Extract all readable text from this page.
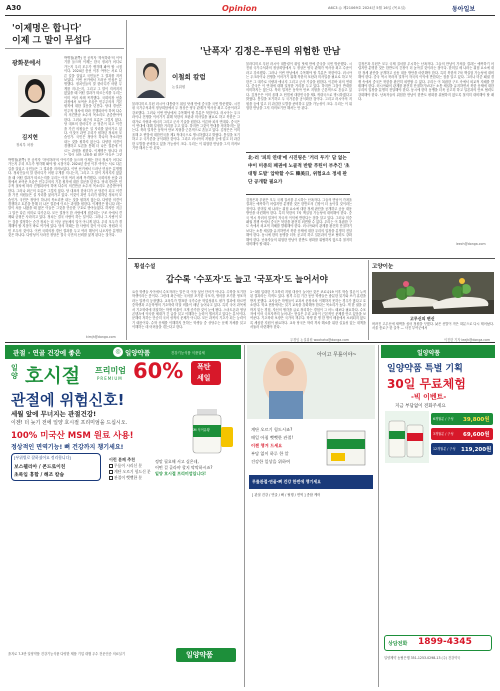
A30	Opinion	A6C3 ◎ 제21069호 2024년 5월 16일 (목요일)	동아일보
'이제명은 합니다'
이제 그 말이 무섭다
광화문에서
김지현
정치부 차장
박병철(왼쪽) 전 공직자 '착석하라'의 이야기를 들으며 이제는 한국 정치가 어디로 가는지 우리 모두가 생각해 봐야 할 시점이다. 2024년 총선 이후 여야는 서로 다른 길을 걸었고 국민들은 그 결과를 지켜보았다. 이번 선거에서 드러난 민심은 분명했다. 정치인들의 말 한마디가 어떤 무게를 지니는지, 그리고 그 말이 지켜지지 않았을 때 어떤 결과가 따르는지를 우리는 이미 여러 차례 목격했다. 국회의장 선출 과정에서 보여준 모습은 민주주의의 기본 원칙에 대한 질문을 던진다. 당내 경선은 민주적 절차에 따라 진행되어야 하며 다수의 의견만큼 소수의 목소리도 존중받아야 한다. 그러나 최근의 흐름은 그렇지 않다. 당 대표의 한마디가 곧 당론이 되고 이견을 가진 의원들은 설 자리를 잃어가고 있다. 이것이 과연 우리가 원하던 정치의 모습인가. 국민은 정당이 하나의 목소리만 내는 것을 원하지 않는다. 다양한 의견이 경쟁하고 토론을 통해 더 나은 결론에 이르는 과정을 원한다. 이제명은 합니다 라는 말이 처음 나왔을 때 많은 이들은 그것
박병철(왼쪽) 전 공직자 '착석하라'의 이야기를 들으며 이제는 한국 정치가 어디로 가는지 우리 모두가 생각해 봐야 할 시점이다. 2024년 총선 이후 여야는 서로 다른 길을 걸었고 국민들은 그 결과를 지켜보았다. 이번 선거에서 드러난 민심은 분명했다. 정치인들의 말 한마디가 어떤 무게를 지니는지, 그리고 그 말이 지켜지지 않았을 때 어떤 결과가 따르는지를 우리는 이미 여러 차례 목격했다. 국회의장 선출 과정에서 보여준 모습은 민주주의의 기본 원칙에 대한 질문을 던진다. 당내 경선은 민주적 절차에 따라 진행되어야 하며 다수의 의견만큼 소수의 목소리도 존중받아야 한다. 그러나 최근의 흐름은 그렇지 않다. 당 대표의 한마디가 곧 당론이 되고 이견을 가진 의원들은 설 자리를 잃어가고 있다. 이것이 과연 우리가 원하던 정치의 모습인가. 국민은 정당이 하나의 목소리만 내는 것을 원하지 않는다. 다양한 의견이 경쟁하고 토론을 통해 더 나은 결론에 이르는 과정을 원한다. 이제명은 합니다 라는 말이 처음 나왔을 때 많은 이들은 그것을 단순한 구호로 받아들였다. 하지만 지금 그 말은 다른 의미로 다가온다. 모든 결정이 한 사람에게 집중되는 구조 속에서 견제와 균형은 사라지고 있다. 정치는 결국 사람이 하는 일이다. 그러나 그 사람이 모든 것을 결정하는 순간 정치는 더 이상 공동체의 일이 아니게 된다. 우리 모두가 경계해야 할 지점이 바로 여기에 있다. 당의 미래는 한 사람의 것이 아니다. 당원과 국민 모두의 것이다. 이번 국회의장 경선 결과를 두고 여러 해석이 나오지만 분명한 것은 하나다. 다양성이 사라진 정당은 결국 국민의 신뢰를 잃게 된다는 것이다.
kimjh@donga.com
'난폭자' 김정은-푸틴의 위험한 만남
이철희 칼럼
논설위원
블라디미르 푸틴 러시아 대통령이 취임 닷새 만에 중국을 국빈 방문했다. 시진핑 국가주석과의 정상회담에서 두 정상은 양국 관계가 역사상 최고 수준이라고 강조했다. 그러나 이번 만남에서 주목해야 할 부분은 북한이다. 러시아는 우크라이나 전쟁을 이어가기 위해 북한의 포탄과 미사일을 필요로 하고 북한은 그 대가로 식량과 에너지 그리고 군사 기술을 원한다. 이른바 피의 연대다. 중국은 이 연대에 대해 일정한 거리를 두고 있다. 하지만 그것이 반대를 의미하지는 않는다. 북러 밀착은 동북아 안보 지형을 근본적으로 흔들고 있다. 김정은은 이미 올해 초 헌법에 대한민국을 제1 적대국으로 명시하겠다고 밝혔다. 통일을 포기하고 두 국가론을 공식화한 것이다. 그리고 러시아의 지원을 등에 업고 더 과감한 도발을 준비하고 있을 가능성이 크다. 우리는 이 위험한 만남을 그저 지켜보기만 해서는 안 된다.
블라디미르 푸틴 러시아 대통령이 취임 닷새 만에 중국을 국빈 방문했다. 시진핑 국가주석과의 정상회담에서 두 정상은 양국 관계가 역사상 최고 수준이라고 강조했다. 그러나 이번 만남에서 주목해야 할 부분은 북한이다. 러시아는 우크라이나 전쟁을 이어가기 위해 북한의 포탄과 미사일을 필요로 하고 북한은 그 대가로 식량과 에너지 그리고 군사 기술을 원한다. 이른바 피의 연대다. 중국은 이 연대에 대해 일정한 거리를 두고 있다. 하지만 그것이 반대를 의미하지는 않는다. 북러 밀착은 동북아 안보 지형을 근본적으로 흔들고 있다. 김정은은 이미 올해 초 헌법에 대한민국을 제1 적대국으로 명시하겠다고 밝혔다. 통일을 포기하고 두 국가론을 공식화한 것이다. 그리고 러시아의 지원을 등에 업고 더 과감한 도발을 준비하고 있을 가능성이 크다. 우리는 이 위험한 만남을 그저 지켜보기만 해서는 안 된다.
北-러 '피의 연대'에 시진핑은 '거리 두기' 답 없는 中이 미중의 패권에 노골적 반발 푸틴이 부추긴 '초대형 도발' 압박할 수도 韓美日, 위험요소 정세 판단 공개할 필요가
김정은과 푸틴은 모두 국제 질서를 무시하는 난폭자다. 그들의 만남이 가져올 결과는 예측하기 어렵지만 분명한 것은 한반도의 긴장이 더 높아질 것이라는 점이다. 한미일 세 나라는 위험 요소에 대한 정세 판단을 공개하고 공동 대응 방안을 마련해야 한다. 특히 북한의 7차 핵실험 가능성에 대비해야 한다. 중국 역시 북러의 밀착이 자국의 이익에 반한다는 점을 알고 있다. 그러나 미중 패권 경쟁 속에서 중국은 북한을 완전히 외면할 수 없다. 우리는 이 복잡한 구도 속에서 외교적 지혜를 발휘해야 한다. 러시아와의 관계를 완전히 단절하기보다는 소통 채널을 유지하면서 북한 문제에 대한 우리의 입장을 분명히 전달해야 한다. 동시에 한미 동맹을 더욱 공고히 하고 일본과의 안보 협력도 강화해야 한다. 난폭자들의 위험한 만남이 한반도 평화를 위협하지 않도록 철저히 대비해야 할 때다.
김정은과 푸틴은 모두 국제 질서를 무시하는 난폭자다. 그들의 만남이 가져올 결과는 예측하기 어렵지만 분명한 것은 한반도의 긴장이 더 높아질 것이라는 점이다. 한미일 세 나라는 위험 요소에 대한 정세 판단을 공개하고 공동 대응 방안을 마련해야 한다. 특히 북한의 7차 핵실험 가능성에 대비해야 한다. 중국 역시 북러의 밀착이 자국의 이익에 반한다는 점을 알고 있다. 그러나 미중 패권 경쟁 속에서 중국은 북한을 완전히 외면할 수 없다. 우리는 이 복잡한 구도 속에서 외교적 지혜를 발휘해야 한다. 러시아와의 관계를 완전히 단절하기보다는 소통 채널을 유지하면서 북한 문제에 대한 우리의 입장을 분명히 전달해야 한다. 동시에 한미 동맹을 더욱 공고히 하고 일본과의 안보 협력도 강화해야 한다. 난폭자들의 위험한 만남이 한반도 평화를 위협하지 않도록 철저히 대비해야 할 때다.
leech@donga.com
횡설수설
갑수록 '수포자'도 늘고 '국포자'도 늘어서야
요즘 학생들 사이에서 수포자라는 말은 더 이상 낯선 단어가 아니다. 수학을 포기한 학생이라는 뜻이다. 그런데 최근에는 국어를 포기한 국포자, 영어를 포기한 영포자라는 말까지 등장했다. 교육부가 발표한 국가수준 학업성취도 평가 결과에 따르면 중학생과 고등학생의 기초학력 미달 비율이 매년 늘어나고 있다. 특히 국어 과목에서 기초학력에 미달하는 학생 비율이 크게 증가한 것이 눈에 띈다. 스마트폰과 영상 콘텐츠에 익숙한 세대가 긴 글을 읽고 이해하는 능력이 떨어지고 있다는 분석이다. 문해력 저하는 단순히 국어 성적의 문제가 아니다. 모든 과목의 기초가 되는 능력이기 때문이다. 수학 문제를 이해하지 못하는 학생들 중 상당수는 문제 자체를 읽고 이해하는 데 어려움을 겪는다고 한다.
1~3월 입대한 기초학력 지원 대상이 늘어난 것은 코로나19 이후 학습 결손이 누적된 결과라는 지적도 있다. 원격 수업 기간 동안 학생들은 충분한 읽기와 쓰기 훈련을 받지 못했다. 교사들은 학생들이 교과서 문장조차 이해하지 못하는 경우가 많다고 호소한다. 학교 현장에서는 읽기 교육을 강화해야 한다는 목소리가 높다. 책 한 권을 끝까지 읽는 경험, 자신의 생각을 글로 정리하는 경험이 그 어느 때보다 필요하다. 수포자에 이어 국포자까지 늘어나는 현실은 우리 교육이 근본적인 문제를 안고 있음을 보여준다. 기초학력 보장은 국가의 책무다. 학생 한 명 한 명이 배움에서 소외되지 않도록 세심한 지원이 필요하다. 교육 당국은 학력 격차 해소를 위한 실효성 있는 대책을 서둘러 마련해야 한다.
우경임 논설위원 woohaha@donga.com
고양이눈
고무신의 변신
버려진 고무신에 새싹을 심어 정원을 꾸몄다. 낡은 신발이 작은 화분으로 다시 태어났다. 서울 종로구 한 골목 — 사진 부여군에서
이진한 기자 leejh@donga.com
관절 · 연골 건강에 좋은	◎ 일양약품	건강기능식품 식품업체
일양 호시절 프리미엄
PREMIUM 60% 폭탄
세일
관절에 위험신호!
세월 앞에 무너지는 관절건강!
이젠! 더 늦기 전에 일양 호시절 프리미엄을 드십시오.
100% 미국산 MSM 원료 사용!
정상적인 면역기능! 뼈 건강까지 챙기세요!
MSM 식이유황
[부위별로 잘하셨어요 정리합니다]
보스웰리아 / 콘드로이친
초록입 홍합 / 해조 칼슘
이런 분께 추천
무릎이 시리신 분
계단 오르기 힘드신 분
관절이 뻣뻣한 분
정말 필요해 서고 싶은데,
어떤 걸 골라야 할지 막막하시죠?
일양 호시절 프리미엄입니다!
을지로 7-3만 일양약품 건강기능식품 다양한 제품 기업 대행 우수 전문인증 의료실기	일양약품
아이고 무릎이야~
계단 오르기 힘드시죠?
매일 아침 뻣뻣한 관절!
이젠 챙겨 드세요
부담 없이 하루 한 알
건강한 일상을 위하여
무릎관절·연골·뼈 건강 한번에 챙기세요
[ 관절 건강 / 연골 / 뼈 / 혈행 / 면역 ] 종합 케어
일양약품
일양약품 특별 기획
30일 무료체험
-빅 이벤트-
지금 부담없이 전화주세요
6개월분 / 구성 39,800원
3개월분 / 구성 69,600원
12개월분 / 구성 119,200원
상담전화 1899-4345
일양제약 농협은행 351-1253-0298-13 (주) 건강약국
